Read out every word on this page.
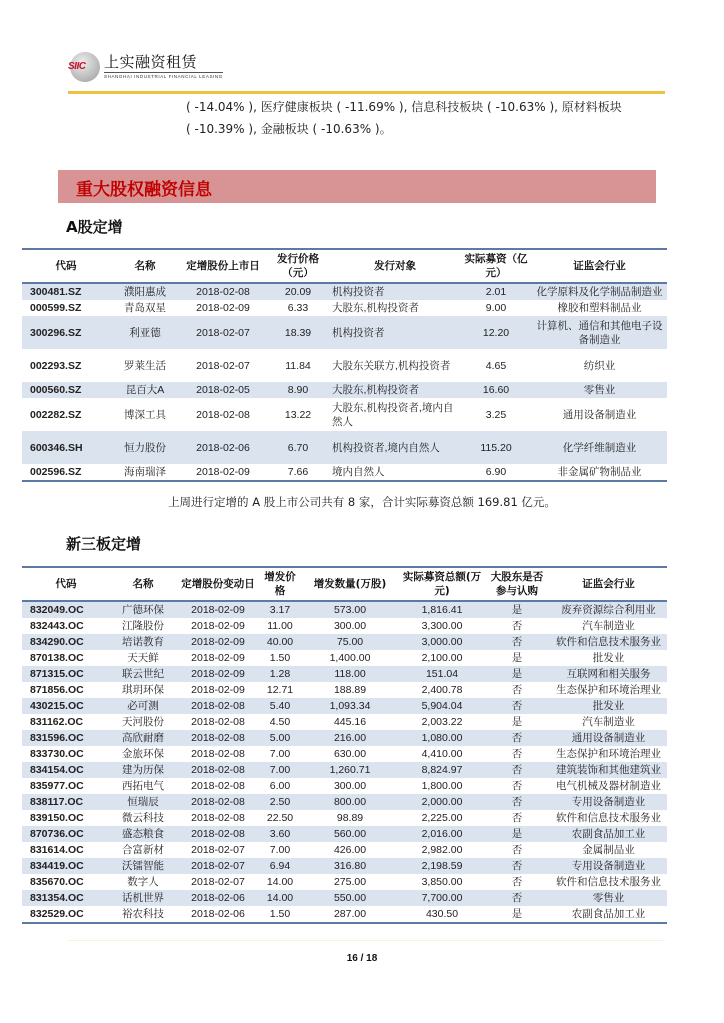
SIIC 上实融资租赁
SHANGHAI INDUSTRIAL FINANCIAL LEASING
( -14.04% ), 医疗健康板块 ( -11.69% ), 信息科技板块 ( -10.63% ), 原材料板块
( -10.39% ), 金融板块 ( -10.63% )。
重大股权融资信息
A股定增
代码	名称	定增股份上市日	发行价格（元）	发行对象	实际募资（亿元）	证监会行业
300481.SZ	濮阳惠成	2018-02-08	20.09	机构投资者	2.01	化学原料及化学制品制造业
000599.SZ	青岛双星	2018-02-09	6.33	大股东,机构投资者	9.00	橡胶和塑料制品业
300296.SZ	利亚德	2018-02-07	18.39	机构投资者	12.20	计算机、通信和其他电子设备制造业
002293.SZ	罗莱生活	2018-02-07	11.84	大股东关联方,机构投资者	4.65	纺织业
000560.SZ	昆百大A	2018-02-05	8.90	大股东,机构投资者	16.60	零售业
002282.SZ	博深工具	2018-02-08	13.22	大股东,机构投资者,境内自然人	3.25	通用设备制造业
600346.SH	恒力股份	2018-02-06	6.70	机构投资者,境内自然人	115.20	化学纤维制造业
002596.SZ	海南瑞泽	2018-02-09	7.66	境内自然人	6.90	非金属矿物制品业
上周进行定增的 A 股上市公司共有 8 家，合计实际募资总额 169.81 亿元。
新三板定增
代码	名称	定增股份变动日	增发价格	增发数量(万股)	实际募资总额(万元)	大股东是否参与认购	证监会行业
832049.OC	广德环保	2018-02-09	3.17	573.00	1,816.41	是	废弃资源综合利用业
832443.OC	江隆股份	2018-02-09	11.00	300.00	3,300.00	否	汽车制造业
834290.OC	培诺教育	2018-02-09	40.00	75.00	3,000.00	否	软件和信息技术服务业
870138.OC	天天鲜	2018-02-09	1.50	1,400.00	2,100.00	是	批发业
871315.OC	联云世纪	2018-02-09	1.28	118.00	151.04	是	互联网和相关服务
871856.OC	琪玥环保	2018-02-09	12.71	188.89	2,400.78	否	生态保护和环境治理业
430215.OC	必可测	2018-02-08	5.40	1,093.34	5,904.04	否	批发业
831162.OC	天河股份	2018-02-08	4.50	445.16	2,003.22	是	汽车制造业
831596.OC	高欣耐磨	2018-02-08	5.00	216.00	1,080.00	否	通用设备制造业
833730.OC	金旅环保	2018-02-08	7.00	630.00	4,410.00	否	生态保护和环境治理业
834154.OC	建为历保	2018-02-08	7.00	1,260.71	8,824.97	否	建筑装饰和其他建筑业
835977.OC	西拓电气	2018-02-08	6.00	300.00	1,800.00	否	电气机械及器材制造业
838117.OC	恒瑞辰	2018-02-08	2.50	800.00	2,000.00	否	专用设备制造业
839150.OC	微云科技	2018-02-08	22.50	98.89	2,225.00	否	软件和信息技术服务业
870736.OC	盛态粮食	2018-02-08	3.60	560.00	2,016.00	是	农副食品加工业
831614.OC	合富新材	2018-02-07	7.00	426.00	2,982.00	否	金属制品业
834419.OC	沃镭智能	2018-02-07	6.94	316.80	2,198.59	否	专用设备制造业
835670.OC	数字人	2018-02-07	14.00	275.00	3,850.00	否	软件和信息技术服务业
831354.OC	话机世界	2018-02-06	14.00	550.00	7,700.00	否	零售业
832529.OC	裕农科技	2018-02-06	1.50	287.00	430.50	是	农副食品加工业
16 / 18
